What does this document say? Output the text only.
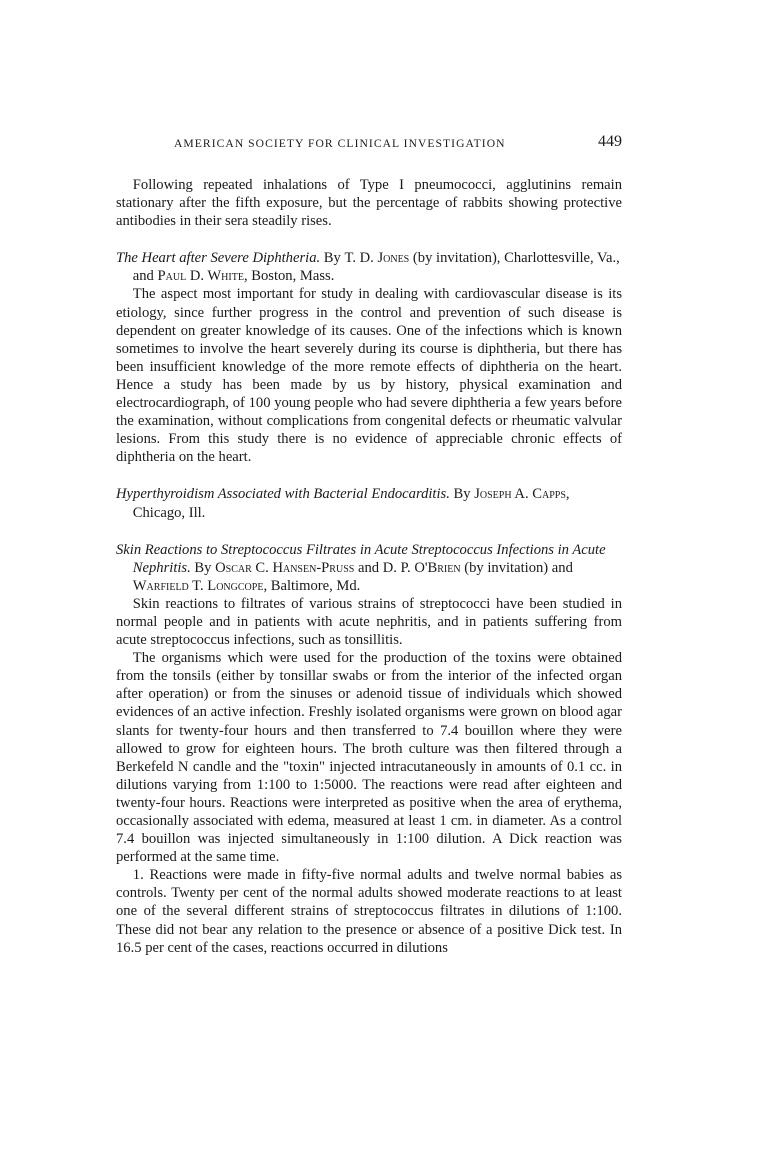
AMERICAN SOCIETY FOR CLINICAL INVESTIGATION	449

Following repeated inhalations of Type I pneumococci, agglutinins remain stationary after the fifth exposure, but the percentage of rabbits showing protective antibodies in their sera steadily rises.

The Heart after Severe Diphtheria. By T. D. Jones (by invitation), Charlottesville, Va., and Paul D. White, Boston, Mass.

The aspect most important for study in dealing with cardiovascular disease is its etiology, since further progress in the control and prevention of such disease is dependent on greater knowledge of its causes. One of the infections which is known sometimes to involve the heart severely during its course is diphtheria, but there has been insufficient knowledge of the more remote effects of diphtheria on the heart. Hence a study has been made by us by history, physical examination and electrocardiograph, of 100 young people who had severe diphtheria a few years before the examination, without complications from congenital defects or rheumatic valvular lesions. From this study there is no evidence of appreciable chronic effects of diphtheria on the heart.

Hyperthyroidism Associated with Bacterial Endocarditis. By Joseph A. Capps, Chicago, Ill.

Skin Reactions to Streptococcus Filtrates in Acute Streptococcus Infections in Acute Nephritis. By Oscar C. Hansen-Pruss and D. P. O'Brien (by invitation) and Warfield T. Longcope, Baltimore, Md.

Skin reactions to filtrates of various strains of streptococci have been studied in normal people and in patients with acute nephritis, and in patients suffering from acute streptococcus infections, such as tonsillitis.

The organisms which were used for the production of the toxins were obtained from the tonsils (either by tonsillar swabs or from the interior of the infected organ after operation) or from the sinuses or adenoid tissue of individuals which showed evidences of an active infection. Freshly isolated organisms were grown on blood agar slants for twenty-four hours and then transferred to 7.4 bouillon where they were allowed to grow for eighteen hours. The broth culture was then filtered through a Berkefeld N candle and the "toxin" injected intracutaneously in amounts of 0.1 cc. in dilutions varying from 1:100 to 1:5000. The reactions were read after eighteen and twenty-four hours. Reactions were interpreted as positive when the area of erythema, occasionally associated with edema, measured at least 1 cm. in diameter. As a control 7.4 bouillon was injected simultaneously in 1:100 dilution. A Dick reaction was performed at the same time.

1. Reactions were made in fifty-five normal adults and twelve normal babies as controls. Twenty per cent of the normal adults showed moderate reactions to at least one of the several different strains of streptococcus filtrates in dilutions of 1:100. These did not bear any relation to the presence or absence of a positive Dick test. In 16.5 per cent of the cases, reactions occurred in dilutions
